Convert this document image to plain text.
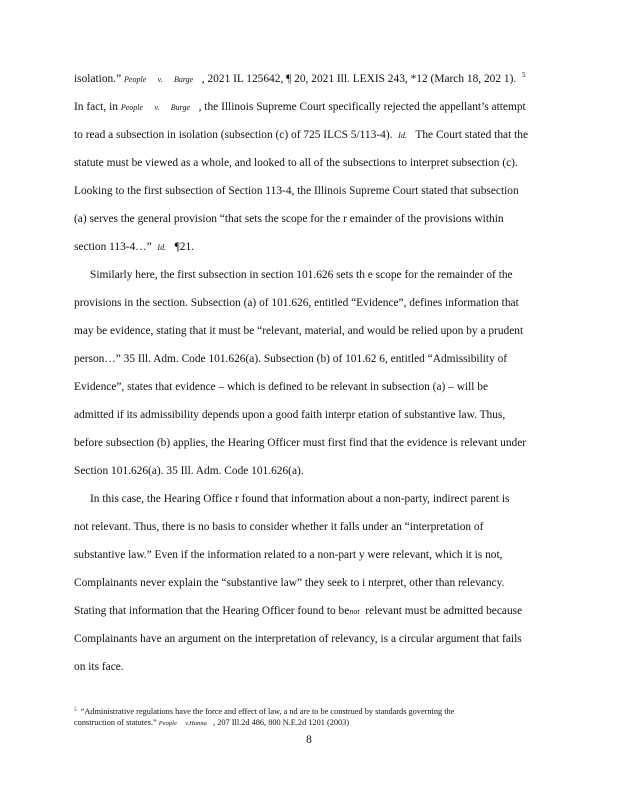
isolation.” People v. Burge , 2021 IL 125642, ¶ 20, 2021 Ill. LEXIS 243, *12 (March 18, 202 1). $^5$
In fact, in People v. Burge , the Illinois Supreme Court specifically rejected the appellant’s attempt
to read a subsection in isolation (subsection (c) of 725 ILCS 5/113-4). Id. The Court stated that the
statute must be viewed as a whole, and looked to all of the subsections to interpret subsection (c).
Looking to the first subsection of Section 113-4, the Illinois Supreme Court stated that subsection
(a) serves the general provision “that sets the scope for the r emainder of the provisions within
section 113-4…” Id. ¶21.
Similarly here, the first subsection in section 101.626 sets th e scope for the remainder of the
provisions in the section. Subsection (a) of 101.626, entitled “Evidence”, defines information that
may be evidence, stating that it must be “relevant, material, and would be relied upon by a prudent
person…” 35 Ill. Adm. Code 101.626(a). Subsection (b) of 101.62 6, entitled “Admissibility of
Evidence”, states that evidence – which is defined to be relevant in subsection (a) – will be
admitted if its admissibility depends upon a good faith interpr etation of substantive law. Thus,
before subsection (b) applies, the Hearing Officer must first find that the evidence is relevant under
Section 101.626(a). 35 Ill. Adm. Code 101.626(a).
In this case, the Hearing Office r found that information about a non-party, indirect parent is
not relevant. Thus, there is no basis to consider whether it falls under an “interpretation of
substantive law.” Even if the information related to a non-part y were relevant, which it is not,
Complainants never explain the “substantive law” they seek to i nterpret, other than relevancy.
Stating that information that the Hearing Officer found to benot relevant must be admitted because
Complainants have an argument on the interpretation of relevancy, is a circular argument that fails
on its face.
$^5$ “Administrative regulations have the force and effect of law, a nd are to be construed by standards governing the
construction of statutes.” People v.Hanna , 207 Ill.2d 486, 800 N.E.2d 1201 (2003)
8
